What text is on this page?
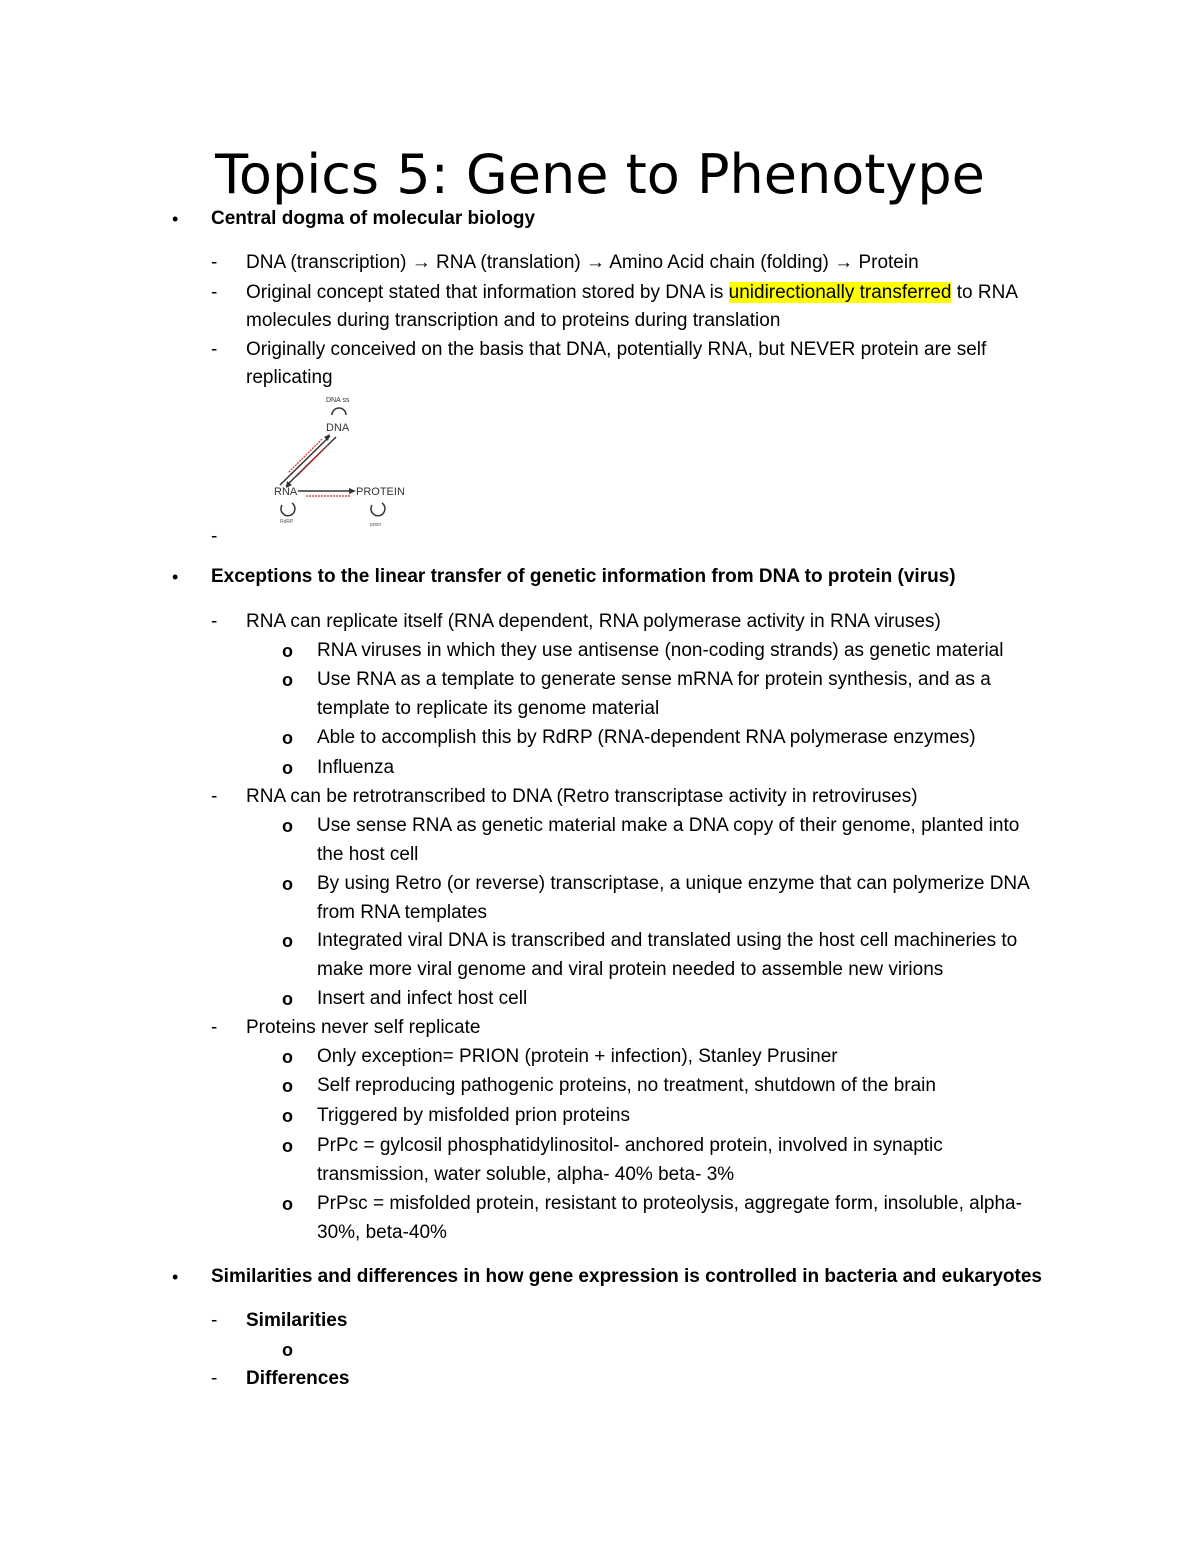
Topics 5: Gene to Phenotype
• Central dogma of molecular biology
- DNA (transcription) → RNA (translation) → Amino Acid chain (folding) → Protein
- Original concept stated that information stored by DNA is unidirectionally transferred to RNA
molecules during transcription and to proteins during translation
- Originally conceived on the basis that DNA, potentially RNA, but NEVER protein are self
replicating
DNA ss
DNA
RNA	PROTEIN
RdRP	prion
-
• Exceptions to the linear transfer of genetic information from DNA to protein (virus)
- RNA can replicate itself (RNA dependent, RNA polymerase activity in RNA viruses)
o RNA viruses in which they use antisense (non-coding strands) as genetic material
o Use RNA as a template to generate sense mRNA for protein synthesis, and as a
template to replicate its genome material
o Able to accomplish this by RdRP (RNA-dependent RNA polymerase enzymes)
o Influenza
- RNA can be retrotranscribed to DNA (Retro transcriptase activity in retroviruses)
o Use sense RNA as genetic material make a DNA copy of their genome, planted into
the host cell
o By using Retro (or reverse) transcriptase, a unique enzyme that can polymerize DNA
from RNA templates
o Integrated viral DNA is transcribed and translated using the host cell machineries to
make more viral genome and viral protein needed to assemble new virions
o Insert and infect host cell
- Proteins never self replicate
o Only exception= PRION (protein + infection), Stanley Prusiner
o Self reproducing pathogenic proteins, no treatment, shutdown of the brain
o Triggered by misfolded prion proteins
o PrPc = gylcosil phosphatidylinositol- anchored protein, involved in synaptic
transmission, water soluble, alpha- 40% beta- 3%
o PrPsc = misfolded protein, resistant to proteolysis, aggregate form, insoluble, alpha-
30%, beta-40%
• Similarities and differences in how gene expression is controlled in bacteria and eukaryotes
- Similarities
o
- Differences
